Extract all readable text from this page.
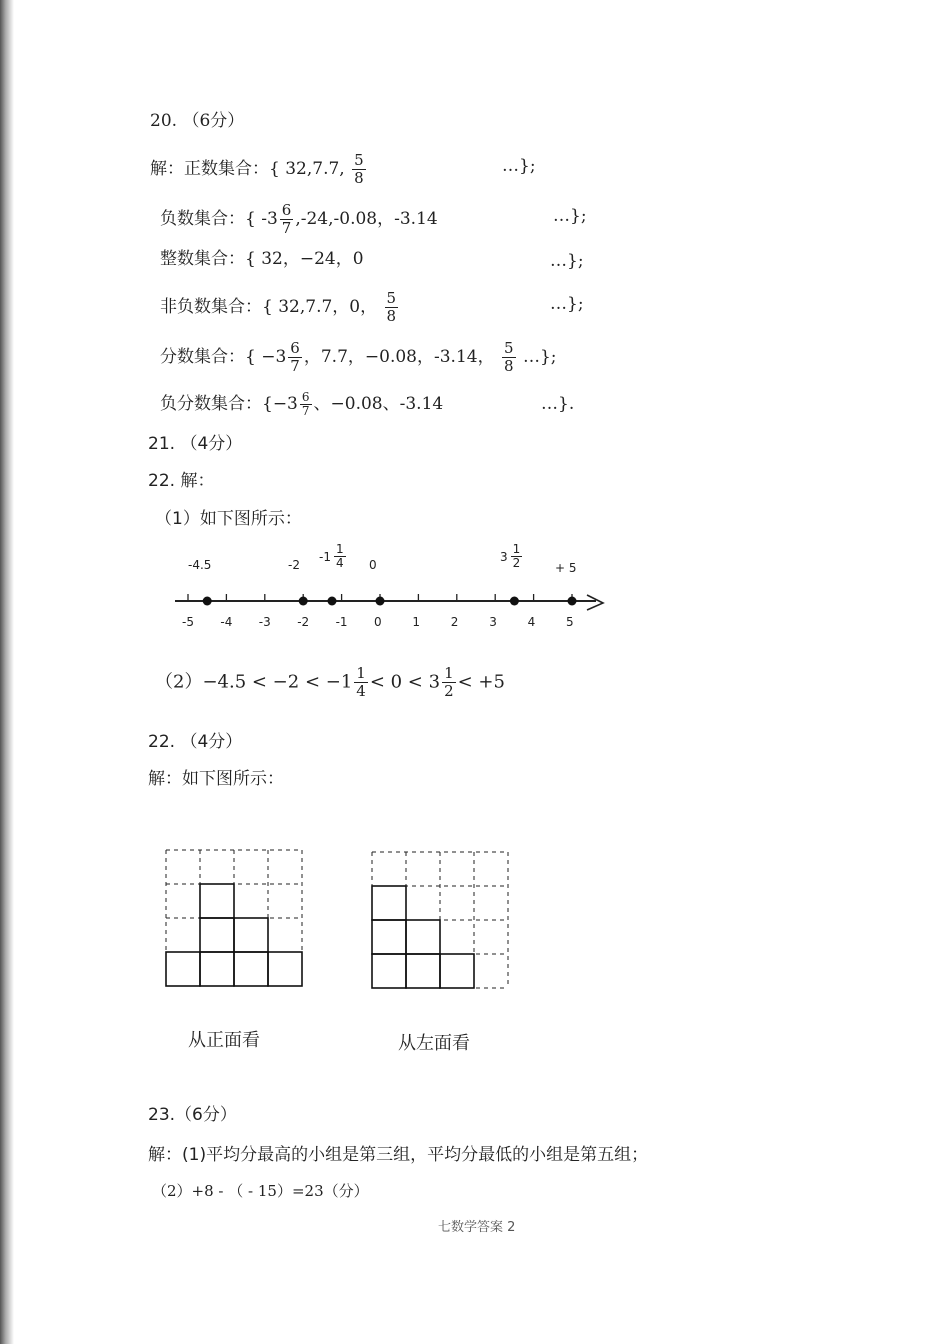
20. （6分）
解：正数集合：{ 32,7.7, $\frac{5}{8}$	…};
负数集合：{ $-3 \frac{6}{7} ,-24,-0.08$，-3.14	…};
整数集合：{ 32，−24，0	…};
非负数集合：{ 32,7.7，0， $\frac{5}{8}$	…};
分数集合：{ $-3 \frac{6}{7}$ ，7.7，−0.08，-3.14， $\frac{5}{8}$ …};
负分数集合：{$-3 \frac{6}{7}$ 、−0.08、-3.14	…}.
21. （4分）
22. 解：
（1）如下图所示：
-4.5	-2
$-1 \frac{1}{4} 0$
$3 \frac{1}{2}$	+ 5
-5 -4 -3 -2 -1 0	1	2	3	4	5
$(2)-4.5 < -2 < -1 \frac{1}{4} < 0 < 3 \frac{1}{2} < +5$
22. （4分）
解：如下图所示：
从正面看	从左面看
23.（6分）
解：(1)平均分最高的小组是第三组，平均分最低的小组是第五组；
（2）+8 - （ - 15）=23（分）
七数学答案 2
